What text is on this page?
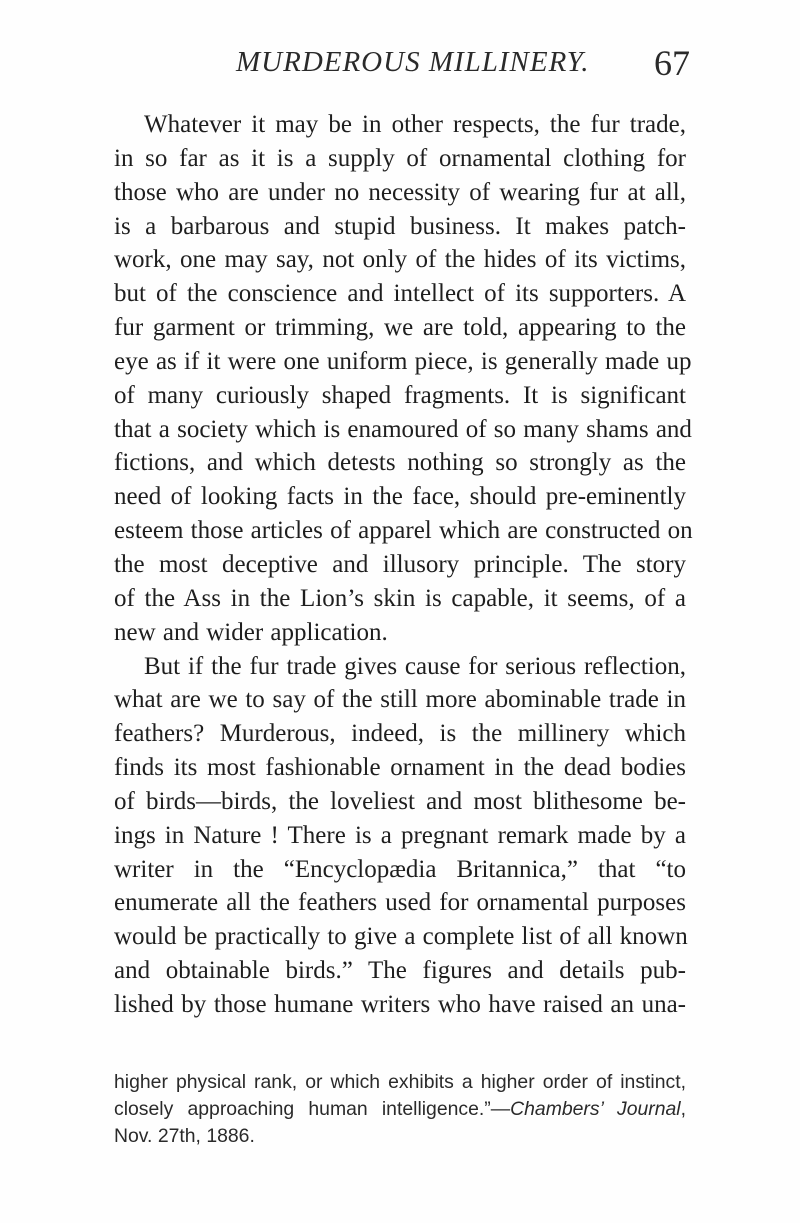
MURDEROUS MILLINERY. 67
Whatever it may be in other respects, the fur trade,
in so far as it is a supply of ornamental clothing for
those who are under no necessity of wearing fur at all,
is a barbarous and stupid business. It makes patch-
work, one may say, not only of the hides of its victims,
but of the conscience and intellect of its supporters. A
fur garment or trimming, we are told, appearing to the
eye as if it were one uniform piece, is generally made up
of many curiously shaped fragments. It is significant
that a society which is enamoured of so many shams and
fictions, and which detests nothing so strongly as the
need of looking facts in the face, should pre-eminently
esteem those articles of apparel which are constructed on
the most deceptive and illusory principle. The story
of the Ass in the Lion’s skin is capable, it seems, of a
new and wider application.
But if the fur trade gives cause for serious reflection,
what are we to say of the still more abominable trade in
feathers? Murderous, indeed, is the millinery which
finds its most fashionable ornament in the dead bodies
of birds—birds, the loveliest and most blithesome be-
ings in Nature ! There is a pregnant remark made by a
writer in the “Encyclopædia Britannica,” that “to
enumerate all the feathers used for ornamental purposes
would be practically to give a complete list of all known
and obtainable birds.” The figures and details pub-
lished by those humane writers who have raised an una-
higher physical rank, or which exhibits a higher order of instinct,
closely approaching human intelligence.”—Chambers’ Journal,
Nov. 27th, 1886.
